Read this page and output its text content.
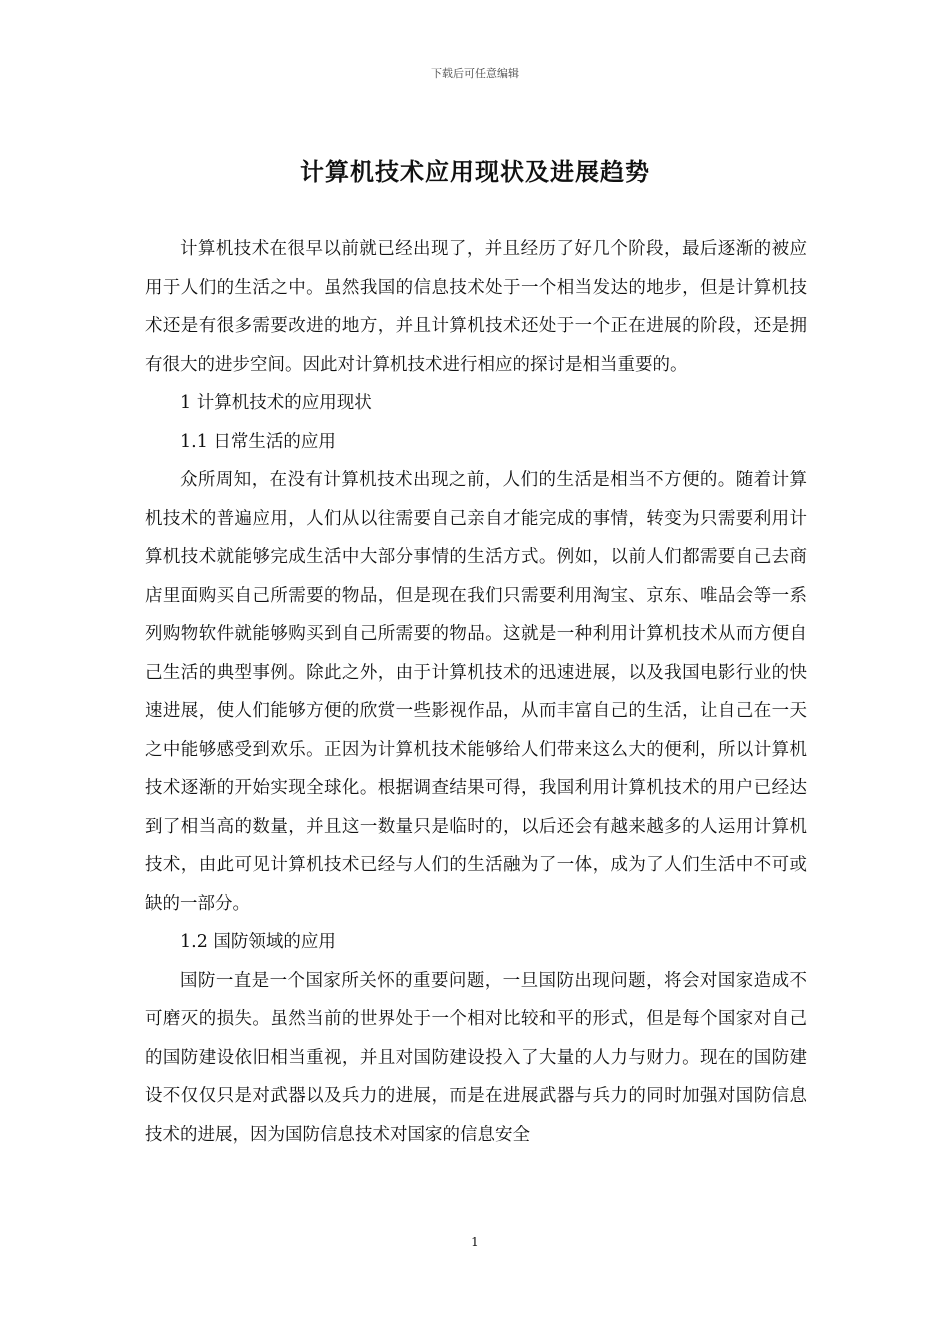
下载后可任意编辑
计算机技术应用现状及进展趋势

计算机技术在很早以前就已经出现了，并且经历了好几个阶段，最后逐渐的被应用于人们的生活之中。虽然我国的信息技术处于一个相当发达的地步，但是计算机技术还是有很多需要改进的地方，并且计算机技术还处于一个正在进展的阶段，还是拥有很大的进步空间。因此对计算机技术进行相应的探讨是相当重要的。

1 计算机技术的应用现状

1.1 日常生活的应用

众所周知，在没有计算机技术出现之前，人们的生活是相当不方便的。随着计算机技术的普遍应用，人们从以往需要自己亲自才能完成的事情，转变为只需要利用计算机技术就能够完成生活中大部分事情的生活方式。例如，以前人们都需要自己去商店里面购买自己所需要的物品，但是现在我们只需要利用淘宝、京东、唯品会等一系列购物软件就能够购买到自己所需要的物品。这就是一种利用计算机技术从而方便自己生活的典型事例。除此之外，由于计算机技术的迅速进展，以及我国电影行业的快速进展，使人们能够方便的欣赏一些影视作品，从而丰富自己的生活，让自己在一天之中能够感受到欢乐。正因为计算机技术能够给人们带来这么大的便利，所以计算机技术逐渐的开始实现全球化。根据调查结果可得，我国利用计算机技术的用户已经达到了相当高的数量，并且这一数量只是临时的，以后还会有越来越多的人运用计算机技术，由此可见计算机技术已经与人们的生活融为了一体，成为了人们生活中不可或缺的一部分。

1.2 国防领域的应用

国防一直是一个国家所关怀的重要问题，一旦国防出现问题，将会对国家造成不可磨灭的损失。虽然当前的世界处于一个相对比较和平的形式，但是每个国家对自己的国防建设依旧相当重视，并且对国防建设投入了大量的人力与财力。现在的国防建设不仅仅只是对武器以及兵力的进展，而是在进展武器与兵力的同时加强对国防信息技术的进展，因为国防信息技术对国家的信息安全

1
